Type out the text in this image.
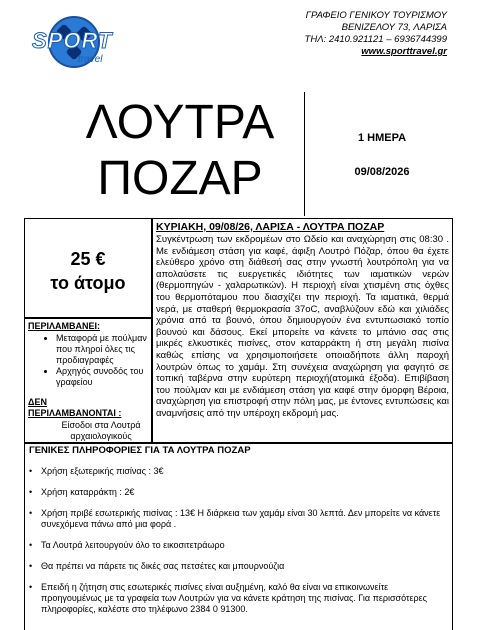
SPORT
travel
ΓΡΑΦΕΙΟ ΓΕΝΙΚΟΥ ΤΟΥΡΙΣΜΟΥ
ΒΕΝΙΖΕΛΟΥ 73, ΛΑΡΙΣΑ
ΤΗΛ: 2410.921121 – 6936744399
www.sporttravel.gr
ΛΟΥΤΡΑ
ΠΟΖΑΡ
1 ΗΜΕΡΑ
09/08/2026
25 €
το άτομο
ΚΥΡΙΑΚΗ, 09/08/26, ΛΑΡΙΣΑ - ΛΟΥΤΡΑ ΠΟΖΑΡ
Συγκέντρωση των εκδρομέων στο Ωδείο και αναχώρηση στις 08:30 . Με ενδιάμεση στάση για καφέ, άφιξη Λουτρό Πόζαρ, όπου θα έχετε ελεύθερο χρόνο στη διάθεσή σας στην γνωστή λουτρόπολη για να απολαύσετε τις ευεργετικές ιδιότητες των ιαματικών νερών (θερμοπηγών - χαλαρωτικών). Η περιοχή είναι χτισμένη στις όχθες του θερμοπόταμου που διασχίζει την περιοχή. Τα ιαματικά, θερμά νερά, με σταθερή θερμοκρασία 37oC, αναβλύζουν εδώ και χιλιάδες χρόνια από τα βουνό, όπου δημιουργούν ένα εντυπωσιακό τοπίο βουνού και δάσους. Εκεί μπορείτε να κάνετε το μπάνιο σας στις μικρές ελκυστικές πισίνες, στον καταρράκτη ή στη μεγάλη πισίνα καθώς επίσης να χρησιμοποιήσετε οποιαδήποτε άλλη παροχή λουτρών όπως το χαμάμ. Στη συνέχεια αναχώρηση για φαγητό σε τοπική ταβέρνα στην ευρύτερη περιοχή(ατομικά έξοδα). Επιβίβαση του πούλμαν και με ενδιάμεση στάση για καφέ στην όμορφη Βέροια, αναχώρηση για επιστροφή στην πόλη μας, με έντονες εντυπώσεις και αναμνήσεις από την υπέροχη εκδρομή μας.
ΠΕΡΙΛΑΜΒΑΝΕΙ:
• Μεταφορά με πούλμαν που πληροί όλες τις προδιαγραφές
• Αρχηγός συνοδός του γραφείου
ΔΕΝ
ΠΕΡΙΛΑΜΒΑΝΟΝΤΑΙ :
Είσοδοι στα Λουτρά αρχαιολογικούς
ΓΕΝΙΚΕΣ ΠΛΗΡΟΦΟΡΙΕΣ ΓΙΑ ΤΑ ΛΟΥΤΡΑ ΠΟΖΑΡ
• Χρήση εξωτερικής πισίνας : 3€
• Χρήση καταρράκτη : 2€
• Χρήση πριβέ εσωτερικής πισίνας : 13€ Η διάρκεια των χαμάμ είναι 30 λεπτά. Δεν μπορείτε να κάνετε συνεχόμενα πάνω από μια φορά .
• Τα Λουτρά λειτουργούν όλο το εικοσιτετράωρο
• Θα πρέπει να πάρετε τις δικές σας πετσέτες και μπουρνούζια
• Επειδή η ζήτηση στις εσωτερικές πισίνες είναι αυξημένη, καλό θα είναι να επικοινωνείτε προηγουμένως με τα γραφεία των Λουτρών για να κάνετε κράτηση της πισίνας. Για περισσότερες πληροφορίες, καλέστε στο τηλέφωνο 2384 0 91300.
